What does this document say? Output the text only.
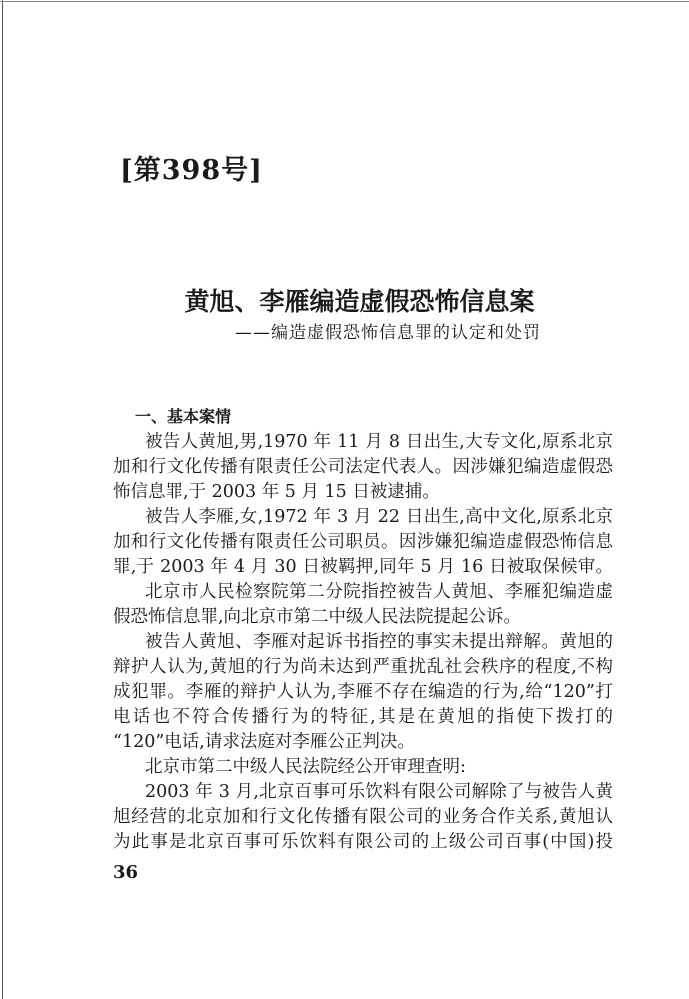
[第398号]
黄旭、李雁编造虚假恐怖信息案
——编造虚假恐怖信息罪的认定和处罚
一、基本案情
被告人黄旭,男,1970 年 11 月 8 日出生,大专文化,原系北京
加和行文化传播有限责任公司法定代表人。因涉嫌犯编造虚假恐
怖信息罪,于 2003 年 5 月 15 日被逮捕。
被告人李雁,女,1972 年 3 月 22 日出生,高中文化,原系北京
加和行文化传播有限责任公司职员。因涉嫌犯编造虚假恐怖信息
罪,于 2003 年 4 月 30 日被羁押,同年 5 月 16 日被取保候审。
北京市人民检察院第二分院指控被告人黄旭、李雁犯编造虚
假恐怖信息罪,向北京市第二中级人民法院提起公诉。
被告人黄旭、李雁对起诉书指控的事实未提出辩解。黄旭的
辩护人认为,黄旭的行为尚未达到严重扰乱社会秩序的程度,不构
成犯罪。李雁的辩护人认为,李雁不存在编造的行为,给“120”打
电话也不符合传播行为的特征,其是在黄旭的指使下拨打的
“120”电话,请求法庭对李雁公正判决。
北京市第二中级人民法院经公开审理查明:
2003 年 3 月,北京百事可乐饮料有限公司解除了与被告人黄
旭经营的北京加和行文化传播有限公司的业务合作关系,黄旭认
为此事是北京百事可乐饮料有限公司的上级公司百事(中国)投
36
